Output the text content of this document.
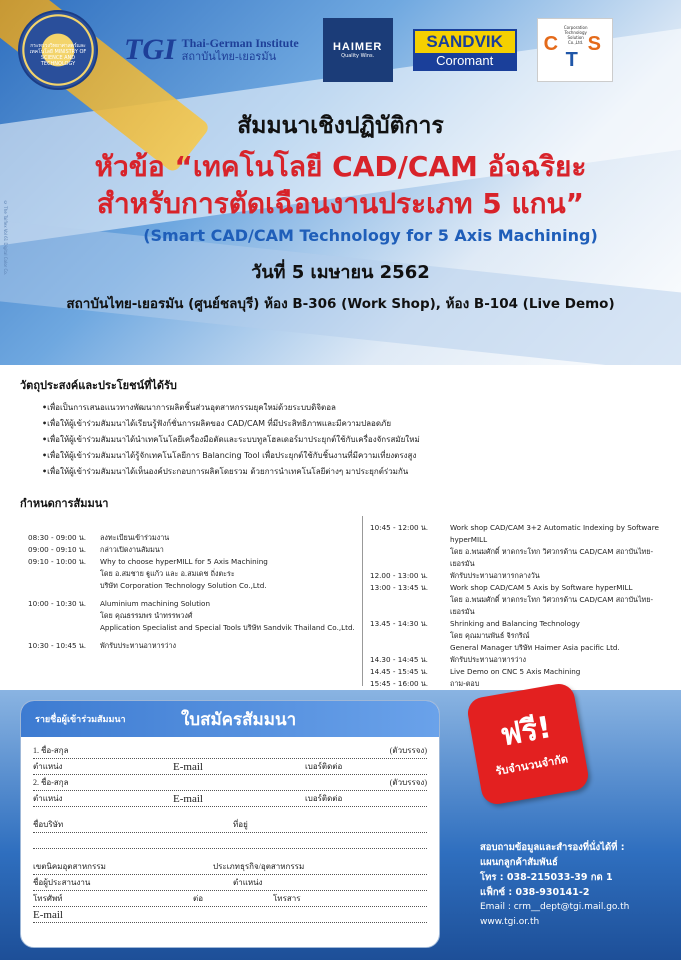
© The Taiflex Vol 61 Digital Color Co.
กระทรวงวิทยาศาสตร์และเทคโนโลยี MINISTRY OF SCIENCE AND TECHNOLOGY	TGI Thai-German Institute
สถาบันไทย-เยอรมัน
HAIMER
Quality Wins.
SANDVIK
Coromant
C
T
S
Corporation Technology Solution Co.,Ltd.
สัมมนาเชิงปฏิบัติการ
หัวข้อ “เทคโนโลยี CAD/CAM อัจฉริยะ
สำหรับการตัดเฉือนงานประเภท 5 แกน”
(Smart CAD/CAM Technology for 5 Axis Machining)
วันที่ 5 เมษายน 2562
สถาบันไทย-เยอรมัน (ศูนย์ชลบุรี) ห้อง B-306 (Work Shop), ห้อง B-104 (Live Demo)
วัตถุประสงค์และประโยชน์ที่ได้รับ
• เพื่อเป็นการเสนอแนวทางพัฒนาการผลิตชิ้นส่วนอุตสาหกรรมยุคใหม่ด้วยระบบดิจิตอล
• เพื่อให้ผู้เข้าร่วมสัมมนาได้เรียนรู้ฟังก์ชั่นการผลิตของ CAD/CAM ที่มีประสิทธิภาพและมีความปลอดภัย
• เพื่อให้ผู้เข้าร่วมสัมมนาได้นำเทคโนโลยีเครื่องมือตัดและระบบทูลโฮลเดอร์มาประยุกต์ใช้กับเครื่องจักรสมัยใหม่
• เพื่อให้ผู้เข้าร่วมสัมมนาได้รู้จักเทคโนโลยีการ Balancing Tool เพื่อประยุกต์ใช้กับชิ้นงานที่มีความเที่ยงตรงสูง
• เพื่อให้ผู้เข้าร่วมสัมมนาได้เห็นองค์ประกอบการผลิตโดยรวม ด้วยการนำเทคโนโลยีต่างๆ มาประยุกต์ร่วมกัน
กำหนดการสัมมนา
08:30 - 09:00 น.	ลงทะเบียนเข้าร่วมงาน
09:00 - 09:10 น.	กล่าวเปิดงานสัมมนา
09:10 - 10:00 น.	Why to choose hyperMILL for 5 Axis Machining
โดย อ.สมชาย ฐูแก้ว และ อ.สมเดช ถิ่งตะระ
บริษัท Corporation Technology Solution Co.,Ltd.
10:00 - 10:30 น.	Aluminium machining Solution
โดย คุณธรรมพร นำทรรพวงศ์
Application Specialist and Special Tools บริษัท Sandvik Thailand Co.,Ltd.
10:30 - 10:45 น.	พักรับประทานอาหารว่าง
10:45 - 12:00 น.	Work shop CAD/CAM 3+2 Automatic Indexing by Software hyperMILL
โดย อ.พนมศักดิ์ หาดกระโทก วิศวกรด้าน CAD/CAM สถาบันไทย-เยอรมัน
12.00 - 13:00 น.	พักรับประทานอาหารกลางวัน
13:00 - 13:45 น.	Work shop CAD/CAM 5 Axis by Software hyperMILL
โดย อ.พนมศักดิ์ หาดกระโทก วิศวกรด้าน CAD/CAM สถาบันไทย-เยอรมัน
13.45 - 14:30 น.	Shrinking and Balancing Technology
โดย คุณมานพันธ์ จิรกริณ์
General Manager บริษัท Haimer Asia pacific Ltd.
14.30 - 14:45 น.	พักรับประทานอาหารว่าง
14.45 - 15:45 น.	Live Demo on CNC 5 Axis Machining
15:45 - 16:00 น.	ถาม-ตอบ
รายชื่อผู้เข้าร่วมสัมมนา	ใบสมัครสัมมนา
1. ชื่อ-สกุล	(ตัวบรรจง)
ตำแหน่ง	E-mail	เบอร์ติดต่อ
2. ชื่อ-สกุล	(ตัวบรรจง)
ตำแหน่ง	E-mail	เบอร์ติดต่อ
ชื่อบริษัท	ที่อยู่
เขตนิคมอุตสาหกรรม	ประเภทธุรกิจ/อุตสาหกรรม
ชื่อผู้ประสานงาน	ตำแหน่ง
โทรศัพท์	ต่อ	โทรสาร
E-mail
ฟรี!
รับจำนวนจำกัด
สอบถามข้อมูลและสำรองที่นั่งได้ที่ :
แผนกลูกค้าสัมพันธ์
โทร : 038-215033-39 กด 1
แฟ็กซ์ : 038-930141-2
Email : crm__dept@tgi.mail.go.th
www.tgi.or.th
